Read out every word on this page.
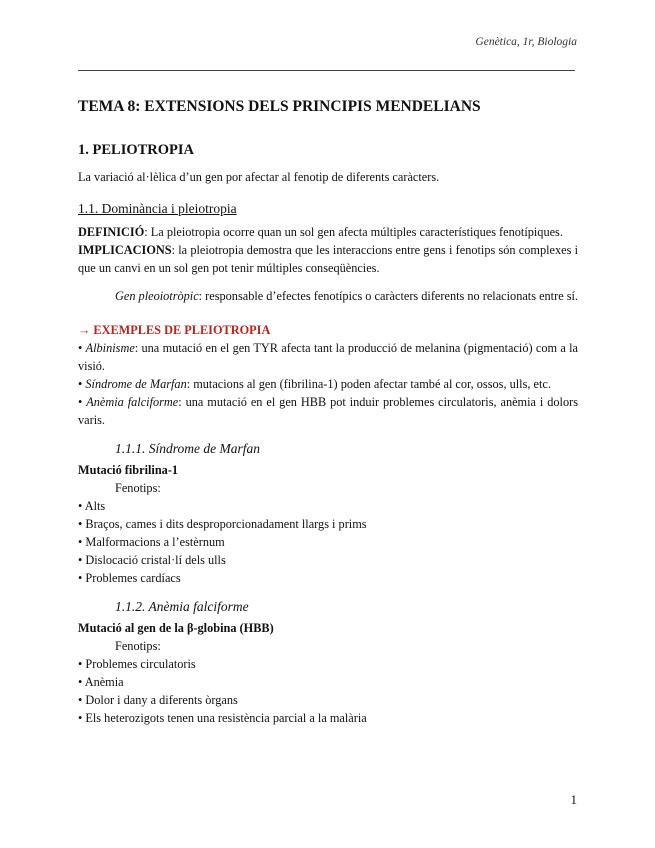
Genètica, 1r, Biologia
TEMA 8: EXTENSIONS DELS PRINCIPIS MENDELIANS
1. PELIOTROPIA

La variació al·lèlica d’un gen por afectar al fenotip de diferents caràcters.

1.1. Dominància i pleiotropia

DEFINICIÓ: La pleiotropia ocorre quan un sol gen afecta múltiples característiques fenotípiques.

IMPLICACIONS: la pleiotropia demostra que les interaccions entre gens i fenotips són complexes i que un canvi en un sol gen pot tenir múltiples conseqüències.

Gen pleoiotròpic: responsable d’efectes fenotípics o caràcters diferents no relacionats entre sí.

→ EXEMPLES DE PLEIOTROPIA
• Albinisme: una mutació en el gen TYR afecta tant la producció de melanina (pigmentació) com a la visió.
• Síndrome de Marfan: mutacions al gen (fibrilina-1) poden afectar també al cor, ossos, ulls, etc.
• Anèmia falciforme: una mutació en el gen HBB pot induir problemes circulatoris, anèmia i dolors varis.
1.1.1. Síndrome de Marfan
Mutació fibrilina-1
Fenotips:
• Alts
• Braços, cames i dits desproporcionadament llargs i prims
• Malformacions a l’estèrnum
• Dislocació cristal·lí dels ulls
• Problemes cardíacs
1.1.2. Anèmia falciforme
Mutació al gen de la β-globina (HBB)
Fenotips:
• Problemes circulatoris
• Anèmia
• Dolor i dany a diferents òrgans
• Els heterozigots tenen una resistència parcial a la malària
1
